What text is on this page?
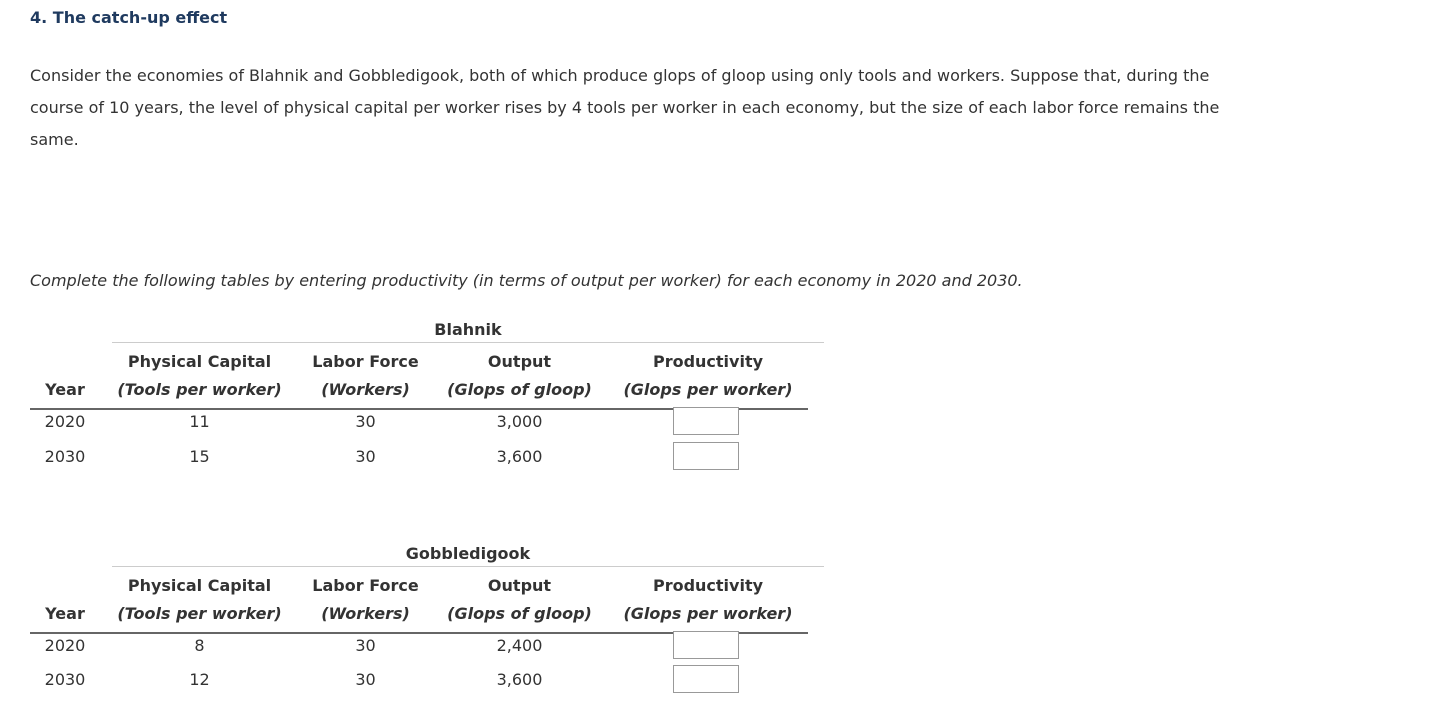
4. The catch-up effect
Consider the economies of Blahnik and Gobbledigook, both of which produce glops of gloop using only tools and workers. Suppose that, during the course of 10 years, the level of physical capital per worker rises by 4 tools per worker in each economy, but the size of each labor force remains the same.
Complete the following tables by entering productivity (in terms of output per worker) for each economy in 2020 and 2030.
Blahnik
Physical Capital	Labor Force	Output	Productivity
Year	(Tools per worker)	(Workers)	(Glops of gloop)	(Glops per worker)
2020	11	30	3,000
2030	15	30	3,600
Gobbledigook
Physical Capital	Labor Force	Output	Productivity
Year	(Tools per worker)	(Workers)	(Glops of gloop)	(Glops per worker)
2020	8	30	2,400
2030	12	30	3,600
